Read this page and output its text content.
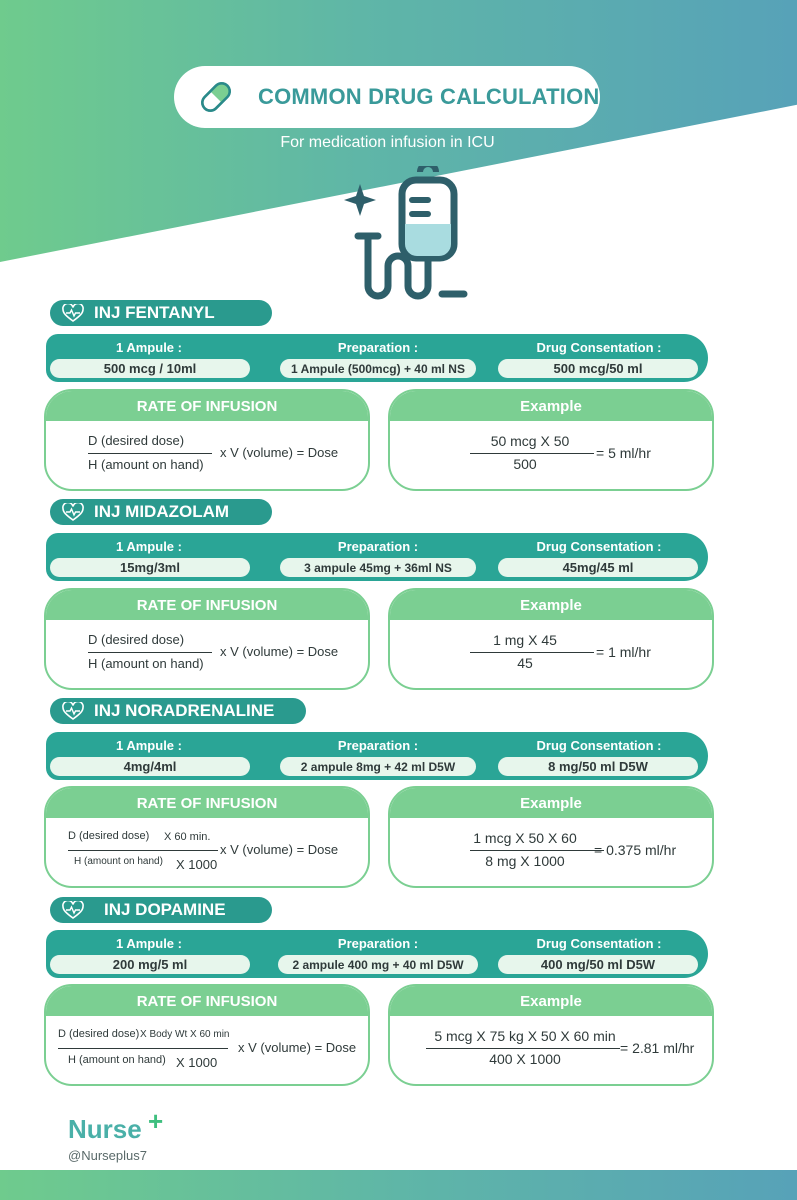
COMMON DRUG CALCULATION
For medication infusion in ICU
INJ FENTANYL
1 Ampule :
500 mcg / 10ml
Preparation :
1 Ampule (500mcg) + 40 ml NS
Drug Consentation :
500 mcg/50 ml
RATE OF INFUSION
D (desired dose)
H (amount on hand)
x V (volume) = Dose
Example
50 mcg X 50
500
= 5 ml/hr
INJ MIDAZOLAM
1 Ampule :
15mg/3ml
Preparation :
3 ampule 45mg + 36ml NS
Drug Consentation :
45mg/45 ml
RATE OF INFUSION
D (desired dose)
H (amount on hand)
x V (volume) = Dose
Example
1 mg X 45
45
= 1 ml/hr
INJ NORADRENALINE
1 Ampule :
4mg/4ml
Preparation :
2 ampule 8mg + 42 ml D5W
Drug Consentation :
8 mg/50 ml D5W
RATE OF INFUSION
D (desired dose) X 60 min.
H (amount on hand) X 1000
x V (volume) = Dose
Example
1 mcg X 50 X 60
8 mg X 1000
= 0.375 ml/hr
INJ DOPAMINE
1 Ampule :
200 mg/5 ml
Preparation :
2 ampule 400 mg + 40 ml D5W
Drug Consentation :
400 mg/50 ml D5W
RATE OF INFUSION
D (desired dose) X Body Wt X 60 min
H (amount on hand) X 1000
x V (volume) = Dose
Example
5 mcg X 75 kg X 50 X 60 min
400 X 1000
= 2.81 ml/hr
Nurse +
@Nurseplus7
